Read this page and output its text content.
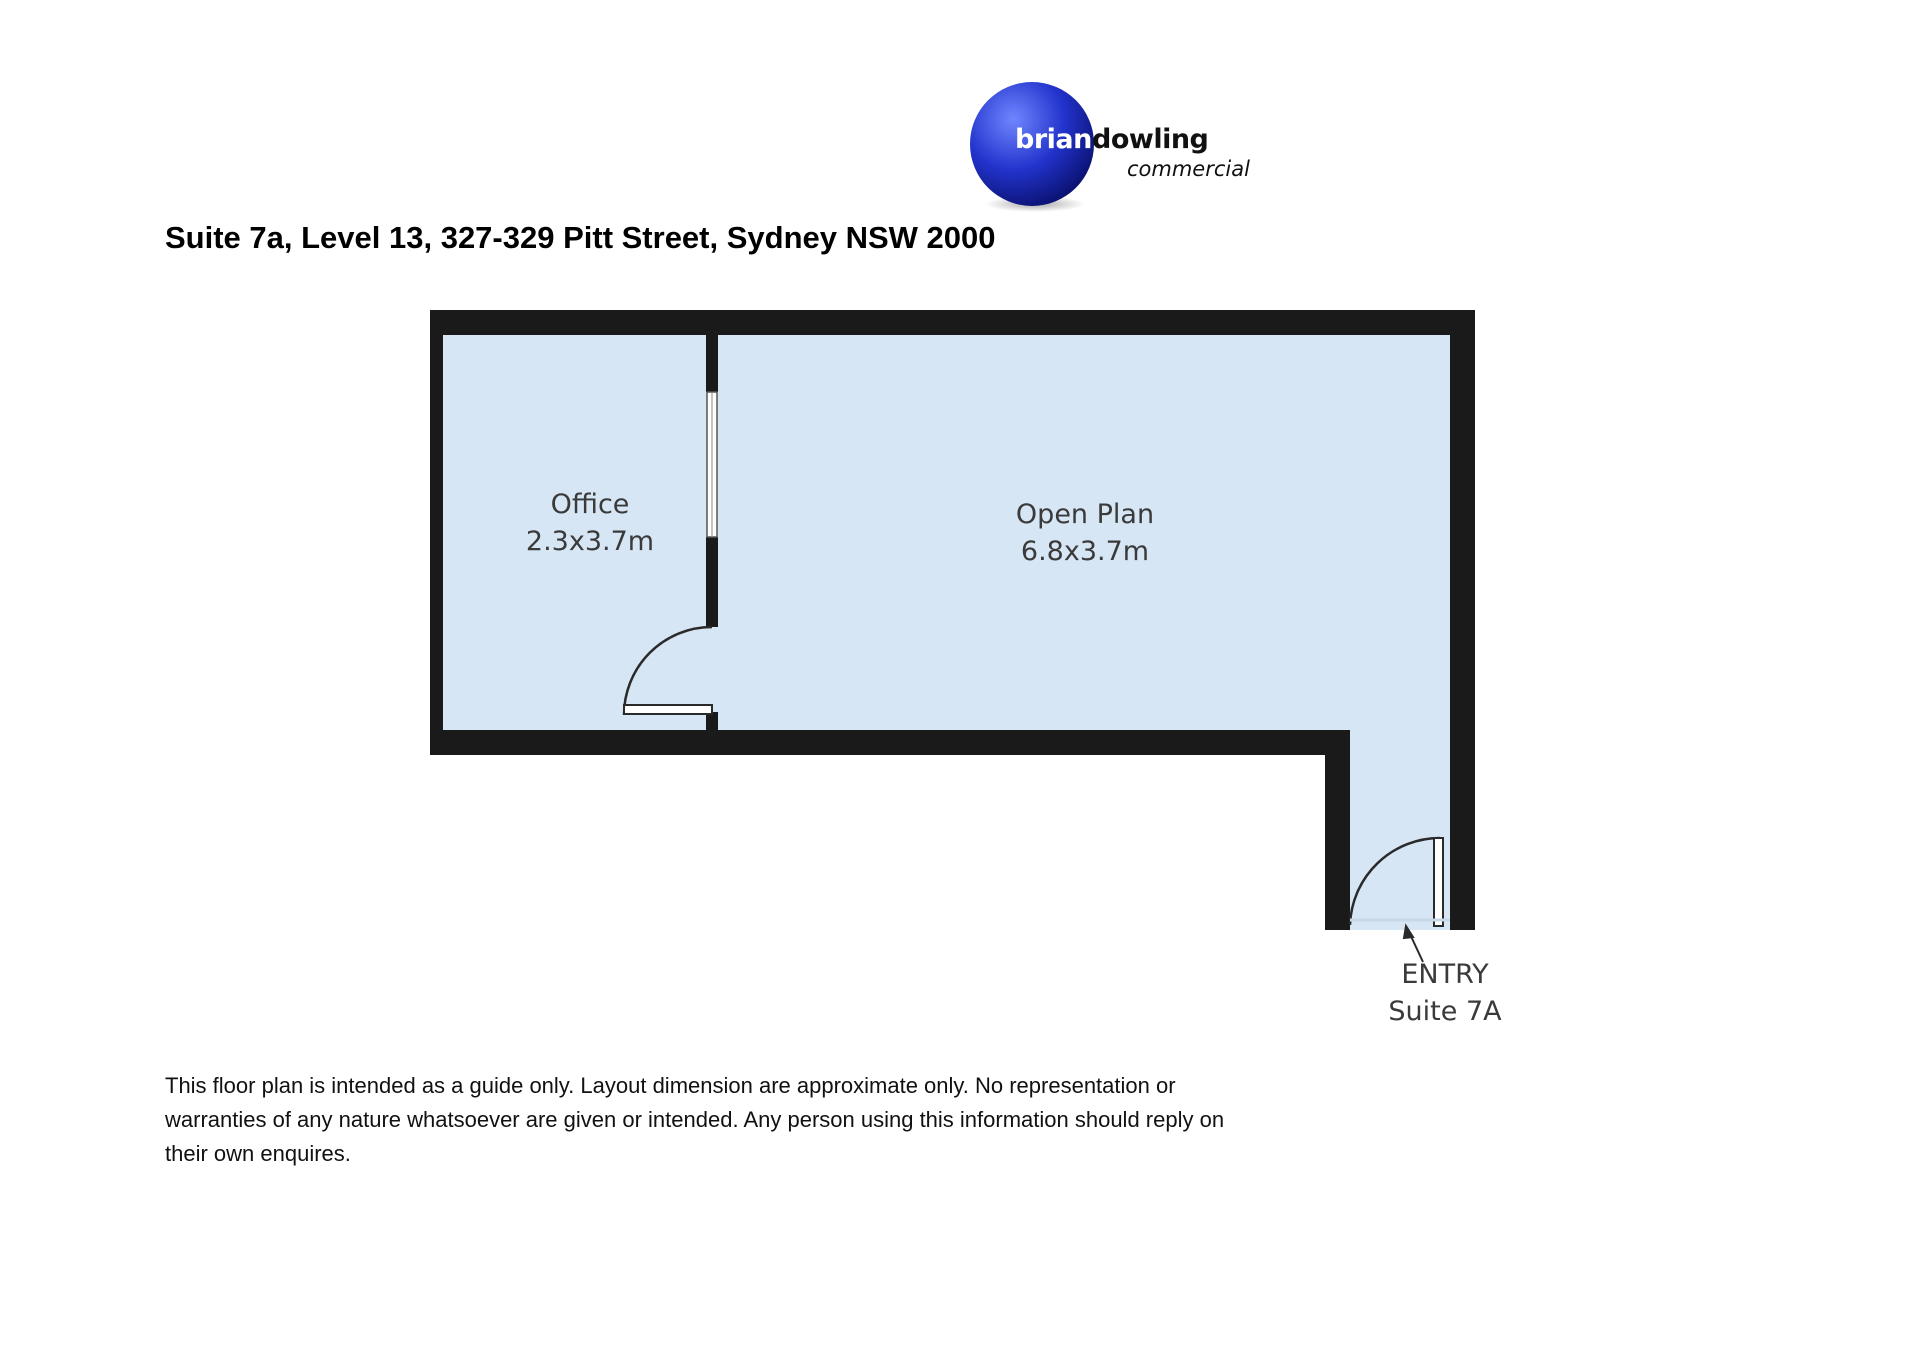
brian dowling
commercial
Suite 7a, Level 13, 327-329 Pitt Street, Sydney NSW 2000
Office
2.3x3.7m
Open Plan
6.8x3.7m
ENTRY
Suite 7A
This floor plan is intended as a guide only. Layout dimension are approximate only. No representation or warranties of any nature whatsoever are given or intended. Any person using this information should reply on their own enquires.
